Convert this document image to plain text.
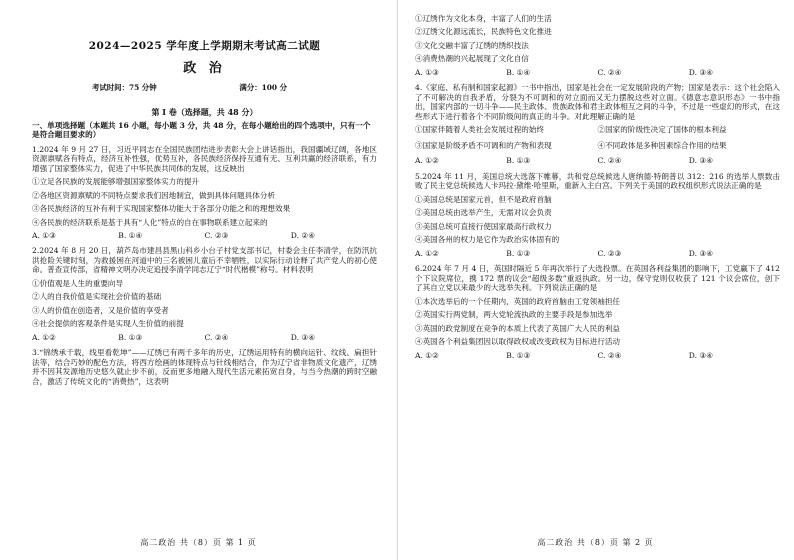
2024—2025 学年度上学期期末考试高二试题
政 治
考试时间：75 分钟	满分：100 分
第 I 卷（选择题，共 48 分）
一、单项选择题（本题共 16 小题，每小题 3 分，共 48 分，在每小题给出的四个选项中，只有一个是符合题目要求的）
1.2024 年 9 月 27 日，习近平同志在全国民族团结进步表彰大会上讲话指出，我国疆域辽阔，各地区资源禀赋各有特点，经济互补性强，优势互补，各民族经济保持互通有无、互利共赢的经济联系，有力增强了国家整体实力，促进了中华民族共同体的发展，这反映出
①立足各民族的发展能够增强国家整体实力的提升
②各地区资源禀赋的不同特点要求我们因地制宜，做到具体问题具体分析
③各民族经济的互补有利于实现国家整体功能大于各部分功能之和的理想效果
④各民族的经济联系是基于具有“人化”特点的自在事物联系建立起来的
A. ①③	B. ①④	C. ②③	D. ②④
2.2024 年 8 月 20 日，葫芦岛市建昌县黑山科乡小台子村党支部书记，村委会主任李清学，在防汛抗洪抢险关键时刻，为救援困在河道中的三名被困儿童后不幸牺牲，以实际行动诠释了共产党人的初心使命。普查宣传部，省精神文明办决定追授李清学同志辽宁“时代楷模”称号。材料表明
①价值观是人生的重要向导
②人的自我价值是实现社会价值的基础
③人的价值在创造者，又是价值的享受者
④社会提供的客观条件是实现人生价值的前提
A. ①②	B. ①③	C. ②④	D. ③④
3.“锦绣承千载，线里看乾坤”——辽绣已有两千多年的历史，辽绣运用特有的横向运针、纹线、扁担针法等，结合巧妙的配色方法，将西方绘画的体现特点与针线相结合，作为辽宁省非物质文化遗产，辽绣并不因其发源地历史悠久就止步不前，反而更多地融入现代生活元素拓宽自身，与当今热潮的跨时空融合，激活了传统文化的“消费热”，这表明
高二政治 共（8）页 第 1 页
①辽绣作为文化本身，丰富了人们的生活
②辽绣文化源远流长，民族特色文化推进
③文化交融丰富了辽绣的绣织技法
④消费热潮的兴起展现了文化自信
A. ①③	B. ①④	C. ②④	D. ③④
4.《家庭、私有制和国家起源》一书中指出，国家是社会在一定发展阶段的产物；国家是表示：这个社会陷入了不可解决的自我矛盾，分裂为不可调和的对立面而又无力摆脱这些对立面。《德意志意识形态》一书中指出，国家内部的一切斗争——民主政体、贵族政体和君主政体相互之间的斗争，不过是一些虚幻的形式，在这些形式下进行着各个不同阶级间的真正的斗争。对此理解正确的是
①国家伴随着人类社会发展过程的始终	②国家的阶级性决定了国体的根本利益
③国家是阶级矛盾不可调和的产物和表现	④不同政体是多种因素综合作用的结果
A. ①②	B. ①③	C. ②④	D. ③④
5.2024 年 11 月，美国总统大选落下帷幕，共和党总统候选人唐纳德·特朗普以 312：216 的选举人票数击败了民主党总统候选人卡玛拉·黛维·哈里斯，重新入主白宫。下列关于美国的政权组织形式说法正确的是
①美国总统是国家元首，但不是政府首脑
②美国总统由选举产生，无需对议会负责
③美国总统可直接行使国家最高行政权力
④美国各州的权力是它作为政治实体固有的
A. ①②	B. ①③	C. ②③	D. ③④
6.2024 年 7 月 4 日，英国时隔近 5 年再次举行了大选投票。在英国各利益集团的影响下，工党赢下了 412 个下议院席位，携 172 票的议会“超级多数”重返执政。另一边，保守党则仅收获了 121 个议会席位，创下了其自立党以来最少的大选举失利。下列说法正确的是
①本次选举后的一个任期内，英国的政府首脑由工党领袖担任
②英国实行两党制，两大党轮流执政的主要手段是参加选举
③英国的政党制度在竞争的本质上代表了英国广大人民的利益
④英国各个利益集团因以取得政权或改变政权为目标进行活动
A. ①②	B. ①③	C. ②④	D. ③④
高二政治 共（8）页 第 2 页
